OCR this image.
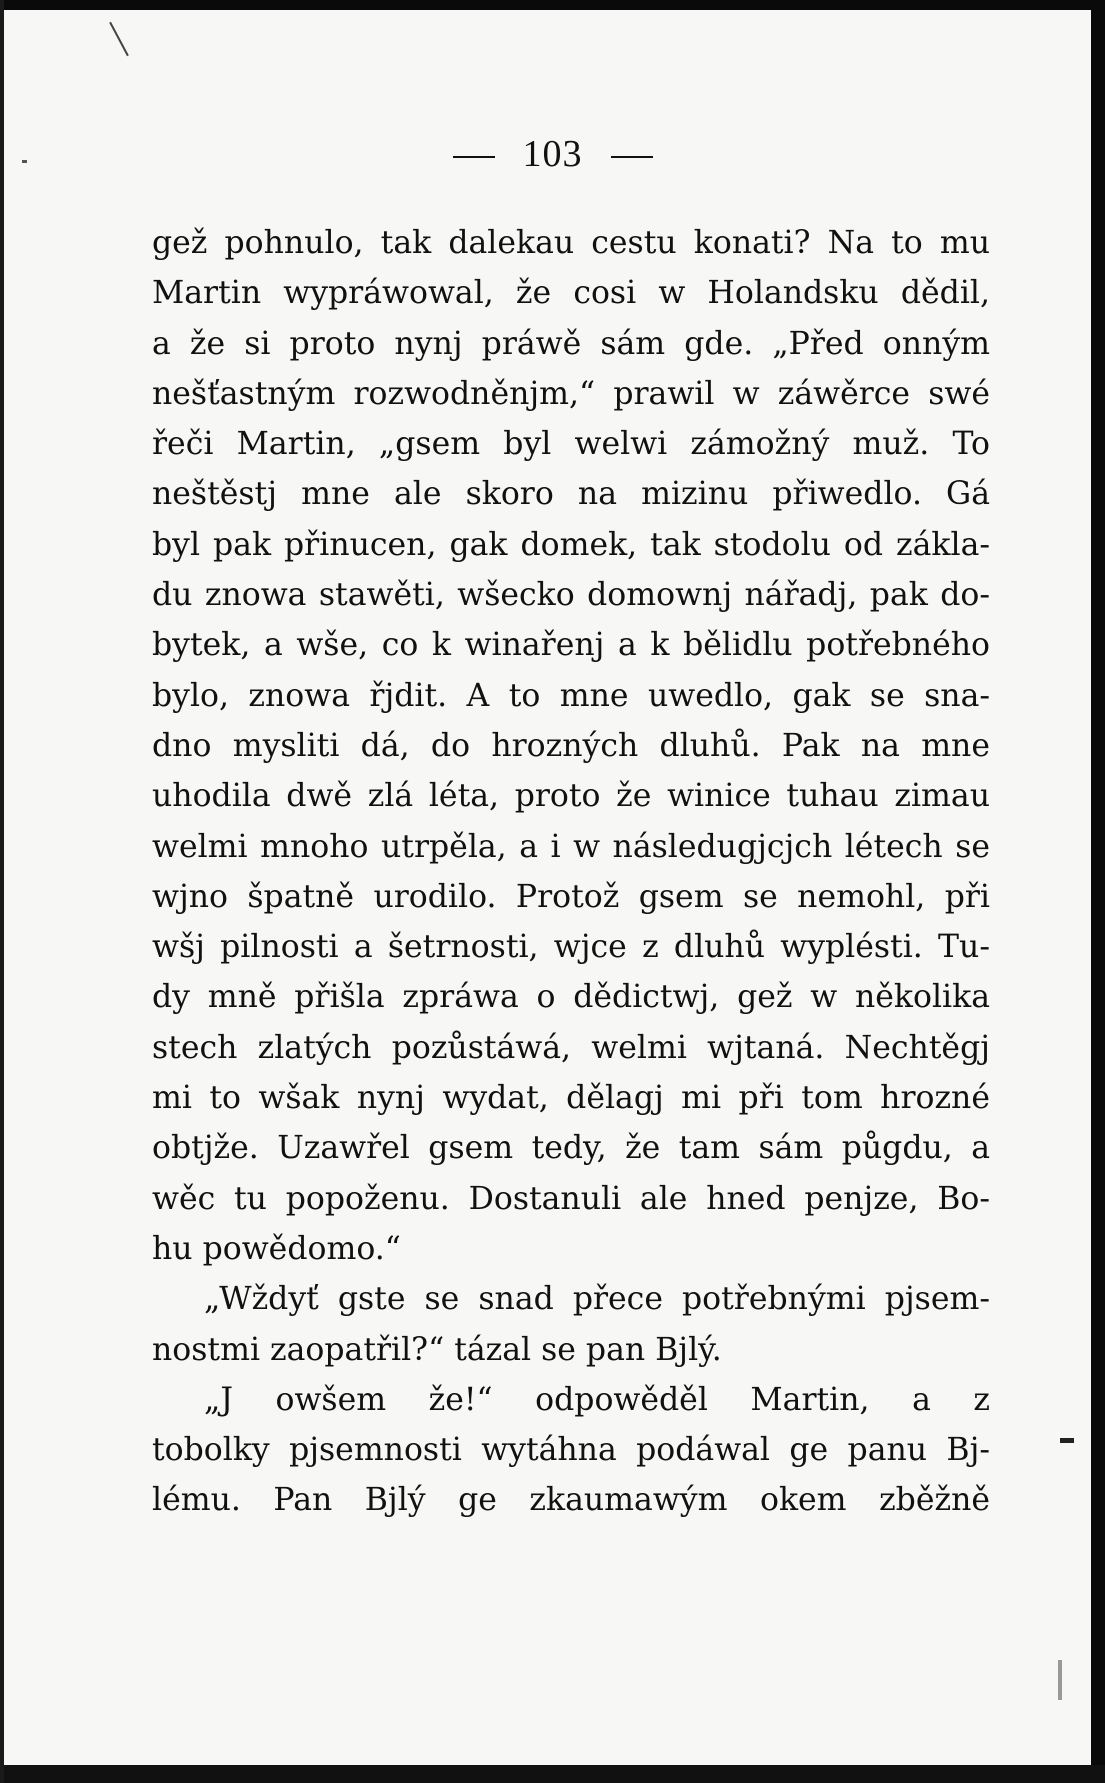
103
gež pohnulo, tak dalekau cestu konati? Na to mu
Martin wypráwowal, že cosi w Holandsku dědil,
a že si proto nynj práwě sám gde. „Před onným
nešťastným rozwodněnjm,“ prawil w záwěrce swé
řeči Martin, „gsem byl welwi zámožný muž. To
neštěstj mne ale skoro na mizinu přiwedlo. Gá
byl pak přinucen, gak domek, tak stodolu od zákla-
du znowa stawěti, wšecko domownj nářadj, pak do-
bytek, a wše, co k winařenj a k bělidlu potřebného
bylo, znowa řjdit. A to mne uwedlo, gak se sna-
dno mysliti dá, do hrozných dluhů. Pak na mne
uhodila dwě zlá léta, proto že winice tuhau zimau
welmi mnoho utrpěla, a i w následugjcjch létech se
wjno špatně urodilo. Protož gsem se nemohl, při
wšj pilnosti a šetrnosti, wjce z dluhů wyplésti. Tu-
dy mně přišla zpráwa o dědictwj, gež w několika
stech zlatých pozůstáwá, welmi wjtaná. Nechtěgj
mi to wšak nynj wydat, dělagj mi při tom hrozné
obtjže. Uzawřel gsem tedy, že tam sám půgdu, a
wěc tu popoženu. Dostanuli ale hned penjze, Bo-
hu powědomo.“
„Wždyť gste se snad přece potřebnými pjsem-
nostmi zaopatřil?“ tázal se pan Bjlý.
„J owšem že!“ odpowěděl Martin, a z
tobolky pjsemnosti wytáhna podáwal ge panu Bj-
lému. Pan Bjlý ge zkaumawým okem zběžně
